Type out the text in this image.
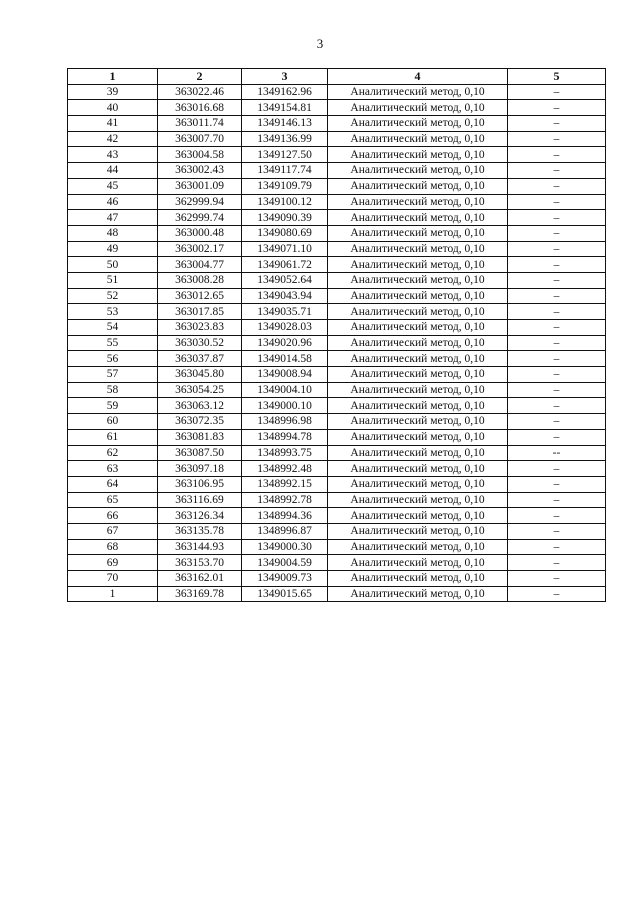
3
1	2	3	4	5
39	363022.46	1349162.96	Аналитический метод, 0,10	–
40	363016.68	1349154.81	Аналитический метод, 0,10	–
41	363011.74	1349146.13	Аналитический метод, 0,10	–
42	363007.70	1349136.99	Аналитический метод, 0,10	–
43	363004.58	1349127.50	Аналитический метод, 0,10	–
44	363002.43	1349117.74	Аналитический метод, 0,10	–
45	363001.09	1349109.79	Аналитический метод, 0,10	–
46	362999.94	1349100.12	Аналитический метод, 0,10	–
47	362999.74	1349090.39	Аналитический метод, 0,10	–
48	363000.48	1349080.69	Аналитический метод, 0,10	–
49	363002.17	1349071.10	Аналитический метод, 0,10	–
50	363004.77	1349061.72	Аналитический метод, 0,10	–
51	363008.28	1349052.64	Аналитический метод, 0,10	–
52	363012.65	1349043.94	Аналитический метод, 0,10	–
53	363017.85	1349035.71	Аналитический метод, 0,10	–
54	363023.83	1349028.03	Аналитический метод, 0,10	–
55	363030.52	1349020.96	Аналитический метод, 0,10	–
56	363037.87	1349014.58	Аналитический метод, 0,10	–
57	363045.80	1349008.94	Аналитический метод, 0,10	–
58	363054.25	1349004.10	Аналитический метод, 0,10	–
59	363063.12	1349000.10	Аналитический метод, 0,10	–
60	363072.35	1348996.98	Аналитический метод, 0,10	–
61	363081.83	1348994.78	Аналитический метод, 0,10	–
62	363087.50	1348993.75	Аналитический метод, 0,10	--
63	363097.18	1348992.48	Аналитический метод, 0,10	–
64	363106.95	1348992.15	Аналитический метод, 0,10	–
65	363116.69	1348992.78	Аналитический метод, 0,10	–
66	363126.34	1348994.36	Аналитический метод, 0,10	–
67	363135.78	1348996.87	Аналитический метод, 0,10	–
68	363144.93	1349000.30	Аналитический метод, 0,10	–
69	363153.70	1349004.59	Аналитический метод, 0,10	–
70	363162.01	1349009.73	Аналитический метод, 0,10	–
1	363169.78	1349015.65	Аналитический метод, 0,10	–
